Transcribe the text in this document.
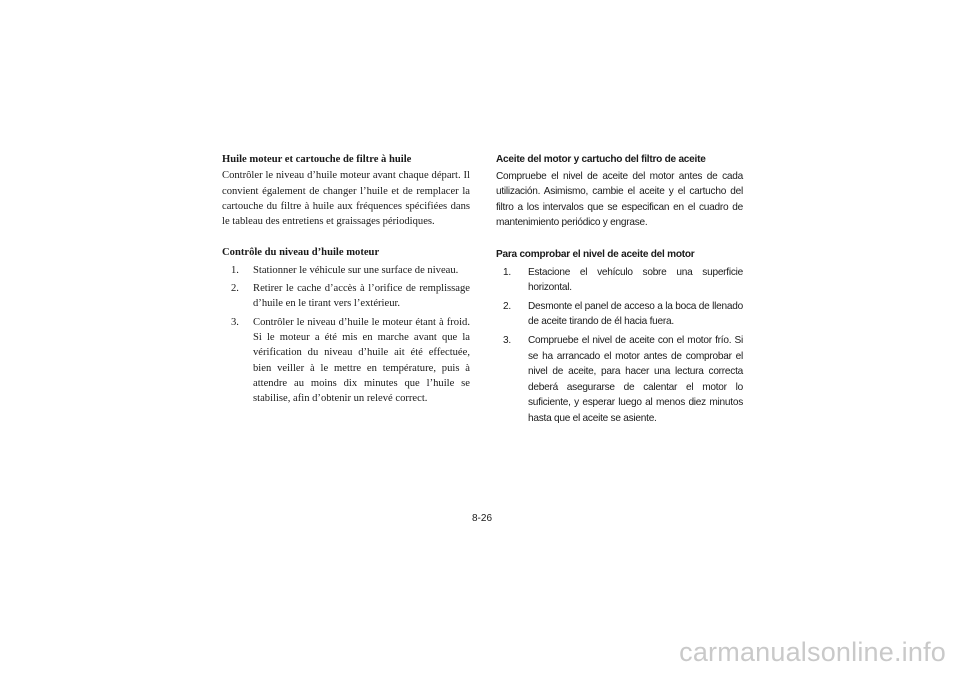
Huile moteur et cartouche de filtre à huile

Contrôler le niveau d’huile moteur avant chaque départ. Il convient également de changer l’huile et de remplacer la cartouche du filtre à huile aux fréquences spécifiées dans le tableau des entretiens et graissages périodiques.

Contrôle du niveau d’huile moteur
1.	Stationner le véhicule sur une surface de niveau.
2.	Retirer le cache d’accès à l’orifice de remplissage d’huile en le tirant vers l’extérieur.
3.	Contrôler le niveau d’huile le moteur étant à froid. Si le moteur a été mis en marche avant que la vérification du niveau d’huile ait été effectuée, bien veiller à le mettre en température, puis à attendre au moins dix minutes que l’huile se stabilise, afin d’obtenir un relevé correct.
Aceite del motor y cartucho del filtro de aceite

Compruebe el nivel de aceite del motor antes de cada utilización. Asimismo, cambie el aceite y el cartucho del filtro a los intervalos que se especifican en el cuadro de mantenimiento periódico y engrase.

Para comprobar el nivel de aceite del motor
1.	Estacione el vehículo sobre una superficie horizontal.
2.	Desmonte el panel de acceso a la boca de llenado de aceite tirando de él hacia fuera.
3.	Compruebe el nivel de aceite con el motor frío. Si se ha arrancado el motor antes de comprobar el nivel de aceite, para hacer una lectura correcta deberá asegurarse de calentar el motor lo suficiente, y esperar luego al menos diez minutos hasta que el aceite se asiente.
8-26
carmanualsonline.info
